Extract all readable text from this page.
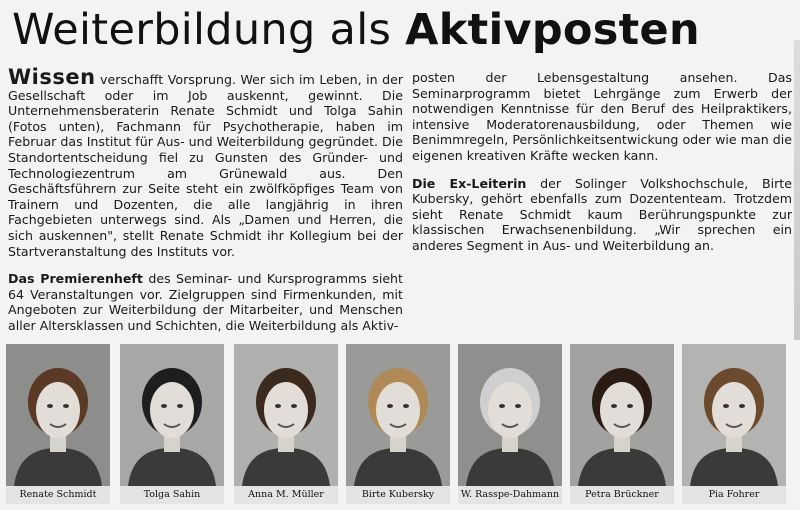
Weiterbildung als Aktivposten

Wissen verschafft Vorsprung. Wer sich im Leben, in der Gesellschaft oder im Job auskennt, gewinnt. Die Unternehmensberaterin Renate Schmidt und Tolga Sahin (Fotos unten), Fachmann für Psychotherapie, haben im Februar das Institut für Aus- und Weiterbildung gegründet. Die Standortentscheidung fiel zu Gunsten des Gründer- und Technologiezentrum am Grünewald aus. Den Geschäftsführern zur Seite steht ein zwölfköpfiges Team von Trainern und Dozenten, die alle langjährig in ihren Fachgebieten unterwegs sind. Als „Damen und Herren, die sich auskennen", stellt Renate Schmidt ihr Kollegium bei der Startveranstaltung des Instituts vor.

Das Premierenheft des Seminar- und Kursprogramms sieht 64 Veranstaltungen vor. Zielgruppen sind Firmenkunden, mit Angeboten zur Weiterbildung der Mitarbeiter, und Menschen aller Altersklassen und Schichten, die Weiterbildung als Aktiv-

posten der Lebensgestaltung ansehen. Das Seminarprogramm bietet Lehrgänge zum Erwerb der notwendigen Kenntnisse für den Beruf des Heilpraktikers, intensive Moderatorenausbildung, oder Themen wie Benimmregeln, Persönlichkeitsentwickung oder wie man die eigenen kreativen Kräfte wecken kann.

Die Ex-Leiterin der Solinger Volkshochschule, Birte Kubersky, gehört ebenfalls zum Dozententeam. Trotzdem sieht Renate Schmidt kaum Berührungspunkte zur klassischen Erwachsenenbildung. „Wir sprechen ein anderes Segment in Aus- und Weiterbildung an.

Renate Schmidt	Tolga Sahin	Anna M. Müller	Birte Kubersky	W. Rasspe-Dahmann	Petra Brückner	Pia Fohrer
